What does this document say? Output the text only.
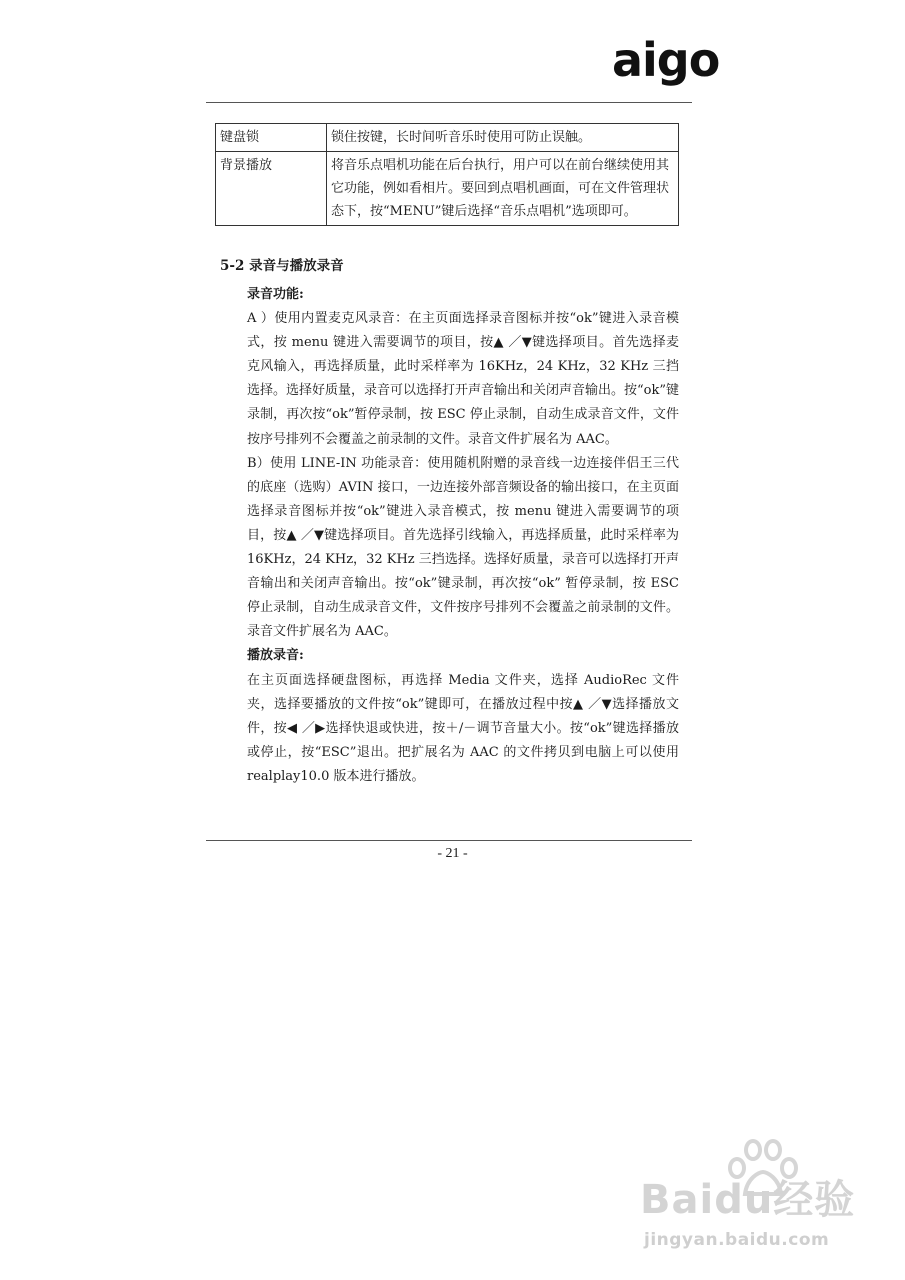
aigo
键盘锁	锁住按键，长时间听音乐时使用可防止误触。
背景播放	将音乐点唱机功能在后台执行，用户可以在前台继续使用其它功能，例如看相片。要回到点唱机画面，可在文件管理状态下，按“MENU”键后选择“音乐点唱机”选项即可。
5-2 录音与播放录音

录音功能:

A ）使用内置麦克风录音：在主页面选择录音图标并按“ok”键进入录音模式，按 menu 键进入需要调节的项目，按▲ ／▼键选择项目。首先选择麦克风输入，再选择质量，此时采样率为 16KHz，24 KHz，32 KHz 三挡选择。选择好质量，录音可以选择打开声音输出和关闭声音输出。按“ok”键录制，再次按“ok”暂停录制，按 ESC 停止录制，自动生成录音文件，文件按序号排列不会覆盖之前录制的文件。录音文件扩展名为 AAC。

B）使用 LINE-IN 功能录音：使用随机附赠的录音线一边连接伴侣王三代的底座（选购）AVIN 接口，一边连接外部音频设备的输出接口，在主页面选择录音图标并按“ok”键进入录音模式，按 menu 键进入需要调节的项目，按▲ ／▼键选择项目。首先选择引线输入，再选择质量，此时采样率为 16KHz，24 KHz，32 KHz 三挡选择。选择好质量，录音可以选择打开声音输出和关闭声音输出。按“ok”键录制，再次按“ok” 暂停录制，按 ESC 停止录制，自动生成录音文件，文件按序号排列不会覆盖之前录制的文件。录音文件扩展名为 AAC。

播放录音:

在主页面选择硬盘图标，再选择 Media 文件夹，选择 AudioRec 文件夹，选择要播放的文件按“ok”键即可，在播放过程中按▲ ／▼选择播放文件，按◀ ／▶选择快退或快进，按＋/－调节音量大小。按“ok”键选择播放或停止，按“ESC”退出。把扩展名为 AAC 的文件拷贝到电脑上可以使用 realplay10.0 版本进行播放。

- 21 -
Baidu经验
jingyan.baidu.com
